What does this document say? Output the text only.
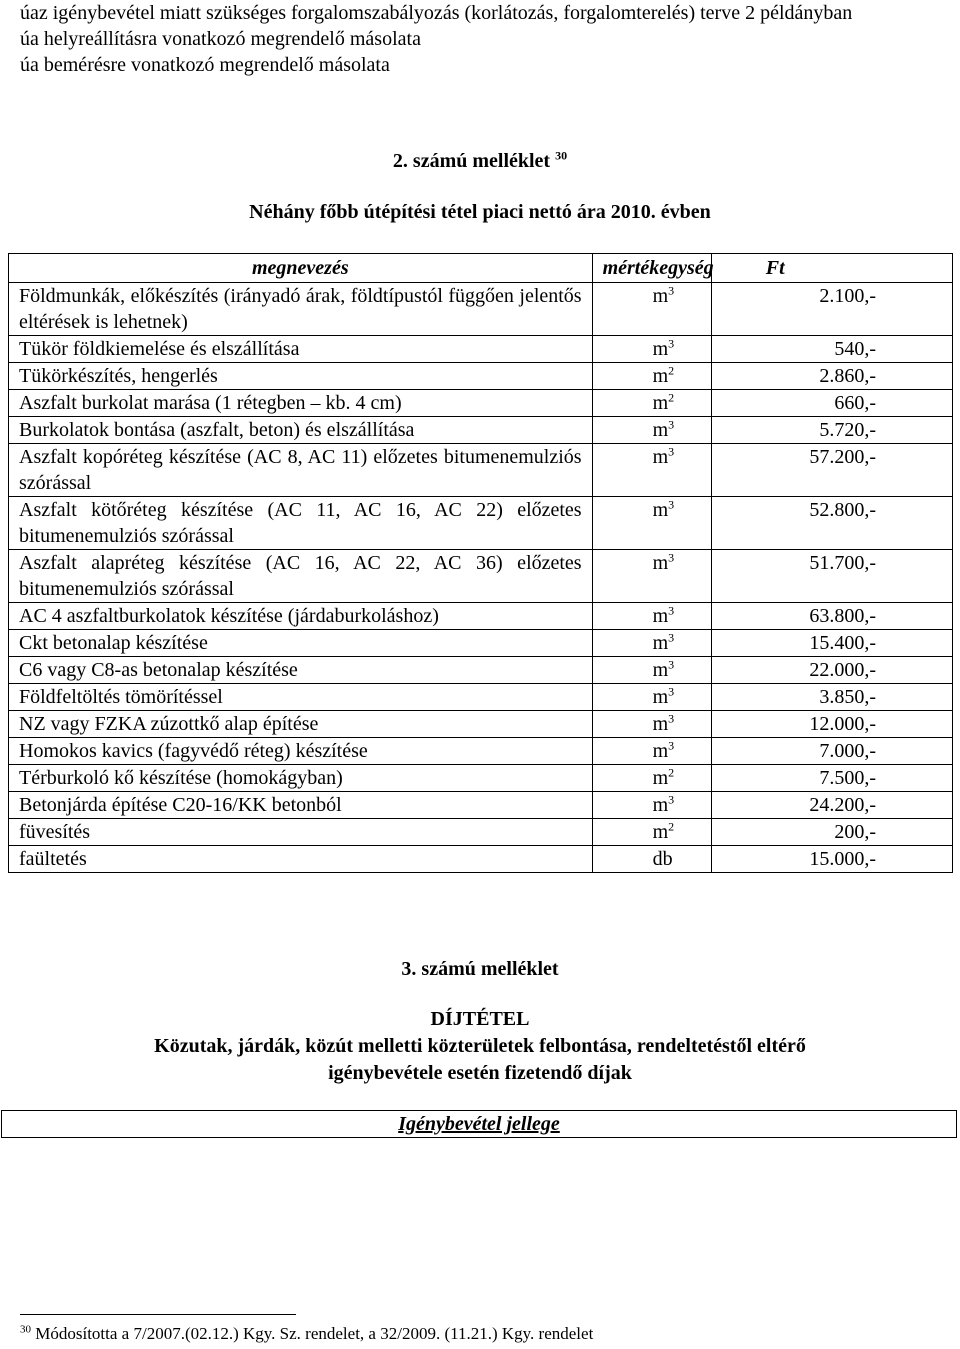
úaz igénybevétel miatt szükséges forgalomszabályozás (korlátozás, forgalomterelés) terve 2 példányban

úa helyreállításra vonatkozó megrendelő másolata

úa bemérésre vonatkozó megrendelő másolata

2. számú melléklet $^{30}$
Néhány főbb útépítési tétel piaci nettó ára 2010. évben
megnevezés	mértékegység	Ft
Földmunkák, előkészítés (irányadó árak, földtípustól függően jelentős eltérések is lehetnek)	$m^3$	2.100,-
Tükör földkiemelése és elszállítása	$m^3$	540,-
Tükörkészítés, hengerlés	$m^2$	2.860,-
Aszfalt burkolat marása (1 rétegben – kb. 4 cm)	$m^2$	660,-
Burkolatok bontása (aszfalt, beton) és elszállítása	$m^3$	5.720,-
Aszfalt kopóréteg készítése (AC 8, AC 11) előzetes bitumenemulziós szórással	$m^3$	57.200,-
Aszfalt kötőréteg készítése (AC 11, AC 16, AC 22) előzetes bitumenemulziós szórással	$m^3$	52.800,-
Aszfalt alapréteg készítése (AC 16, AC 22, AC 36) előzetes bitumenemulziós szórással	$m^3$	51.700,-
AC 4 aszfaltburkolatok készítése (járdaburkoláshoz)	$m^3$	63.800,-
Ckt betonalap készítése	$m^3$	15.400,-
C6 vagy C8-as betonalap készítése	$m^3$	22.000,-
Földfeltöltés tömörítéssel	$m^3$	3.850,-
NZ vagy FZKA zúzottkő alap építése	$m^3$	12.000,-
Homokos kavics (fagyvédő réteg) készítése	$m^3$	7.000,-
Térburkoló kő készítése (homokágyban)	$m^2$	7.500,-
Betonjárda építése C20-16/KK betonból	$m^3$	24.200,-
füvesítés	$m^2$	200,-
faültetés	db	15.000,-
3. számú melléklet
DÍJTÉTEL
Közutak, járdák, közút melletti közterületek felbontása, rendeltetéstől eltérő
igénybevétele esetén fizetendő díjak
Igénybevétel jellege
$^{30}$ Módosította a 7/2007.(02.12.) Kgy. Sz. rendelet, a 32/2009. (11.21.) Kgy. rendelet
